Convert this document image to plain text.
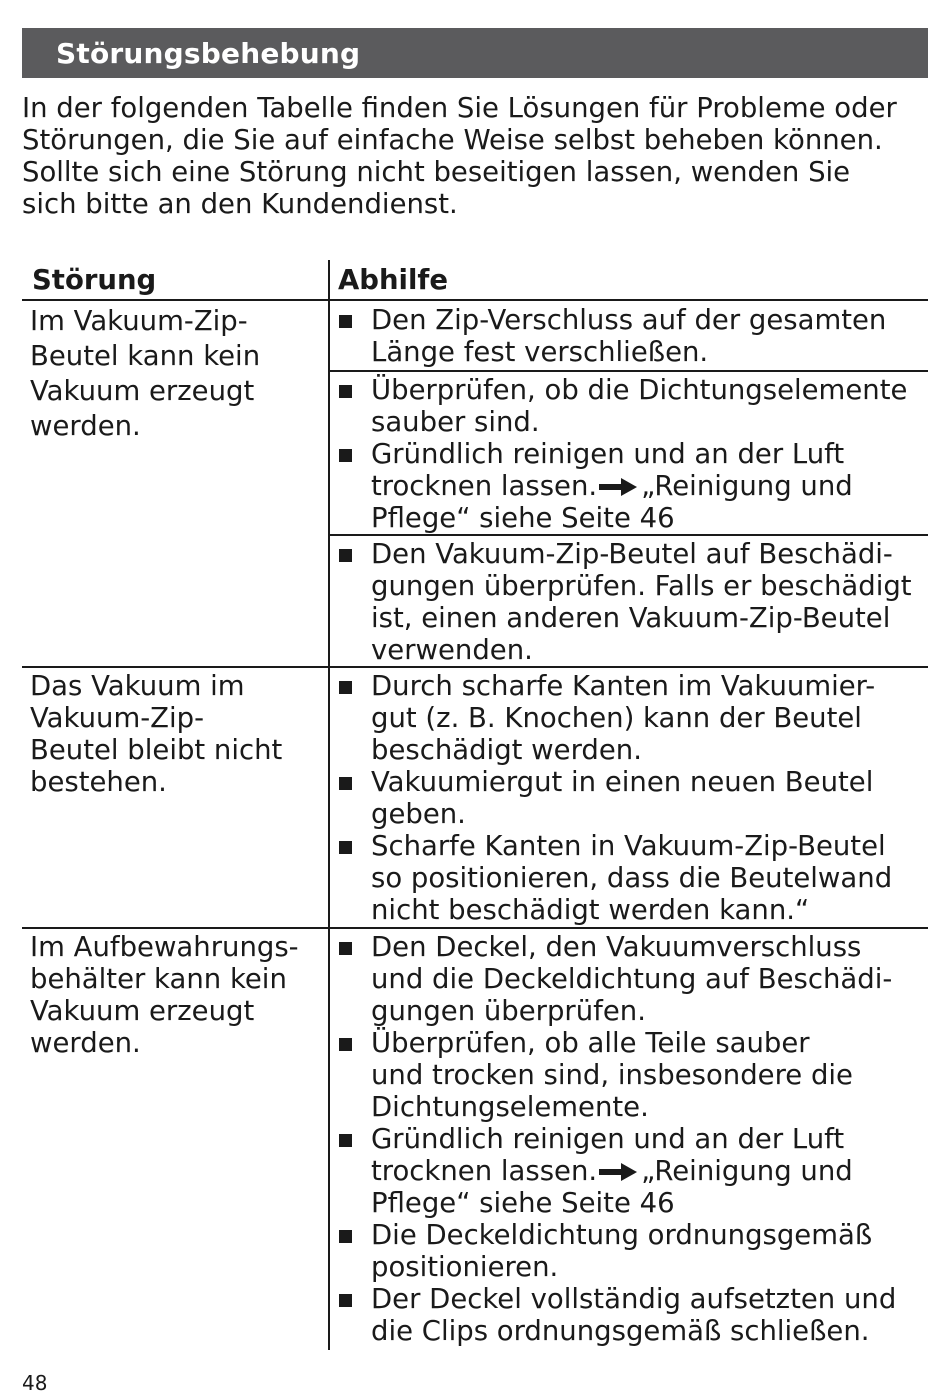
Störungsbehebung

In der folgenden Tabelle finden Sie Lösungen für Probleme oder
Störungen, die Sie auf einfache Weise selbst beheben können.
Sollte sich eine Störung nicht beseitigen lassen, wenden Sie
sich bitte an den Kundendienst.

Störung	Abhilfe
Im Vakuum-Zip-
Beutel kann kein
Vakuum erzeugt
werden.
Den Zip-Verschluss auf der gesamten
Länge fest verschließen.
Überprüfen, ob die Dichtungselemente
sauber sind.
Gründlich reinigen und an der Luft
trocknen lassen. „Reinigung und
Pflege“ siehe Seite 46
Den Vakuum-Zip-Beutel auf Beschädi-
gungen überprüfen. Falls er beschädigt
ist, einen anderen Vakuum-Zip-Beutel
verwenden.
Das Vakuum im
Vakuum-Zip-
Beutel bleibt nicht
bestehen.
Durch scharfe Kanten im Vakuumier-
gut (z. B. Knochen) kann der Beutel
beschädigt werden.
Vakuumiergut in einen neuen Beutel
geben.
Scharfe Kanten in Vakuum-Zip-Beutel
so positionieren, dass die Beutelwand
nicht beschädigt werden kann.“
Im Aufbewahrungs-
behälter kann kein
Vakuum erzeugt
werden.
Den Deckel, den Vakuumverschluss
und die Deckeldichtung auf Beschädi-
gungen überprüfen.
Überprüfen, ob alle Teile sauber
und trocken sind, insbesondere die
Dichtungselemente.
Gründlich reinigen und an der Luft
trocknen lassen. „Reinigung und
Pflege“ siehe Seite 46
Die Deckeldichtung ordnungsgemäß
positionieren.
Der Deckel vollständig aufsetzten und
die Clips ordnungsgemäß schließen.
48
